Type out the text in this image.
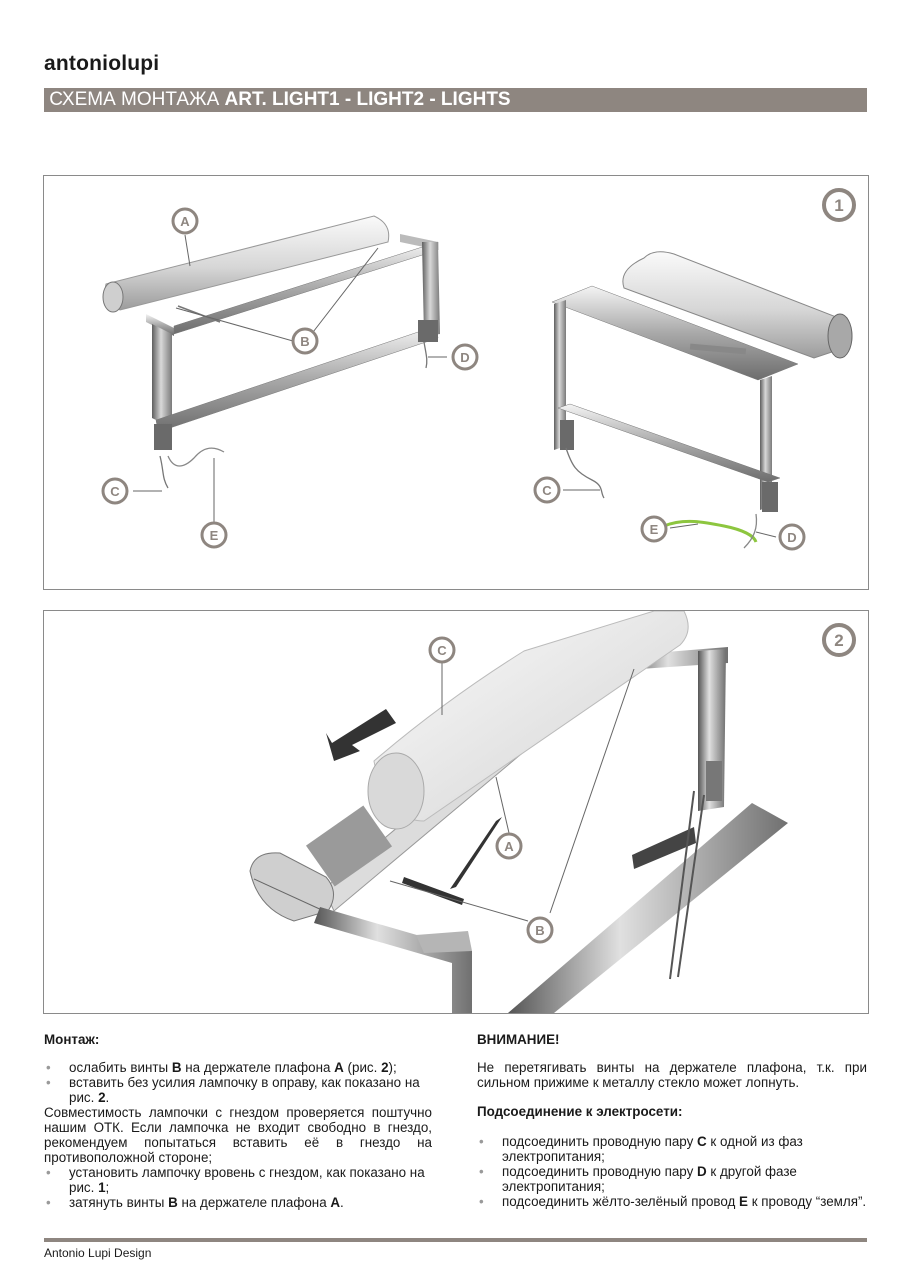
antoniolupi
СХЕМА МОНТАЖА ART. LIGHT1 - LIGHT2 - LIGHTS
A
B
D
C
E
C
E
D
1
C
A
B
2
Монтаж:
• ослабить винты B на держателе плафона A (рис. 2);
• вставить без усилия лампочку в оправу, как показано на рис. 2.

Совместимость лампочки с гнездом проверяется поштучно нашим ОТК. Если лампочка не входит свободно в гнездо, рекомендуем попытаться вставить её в гнездо на противоположной стороне;

• установить лампочку вровень с гнездом, как показано на рис. 1;
• затянуть винты B на держателе плафона A.
ВНИМАНИЕ!

Не перетягивать винты на держателе плафона, т.к. при сильном прижиме к металлу стекло может лопнуть.

Подсоединение к электросети:
• подсоединить проводную пару C к одной из фаз электропитания;
• подсоединить проводную пару D к другой фазе электропитания;
• подсоединить жёлто-зелёный провод E к проводу “земля”.
Antonio Lupi Design
